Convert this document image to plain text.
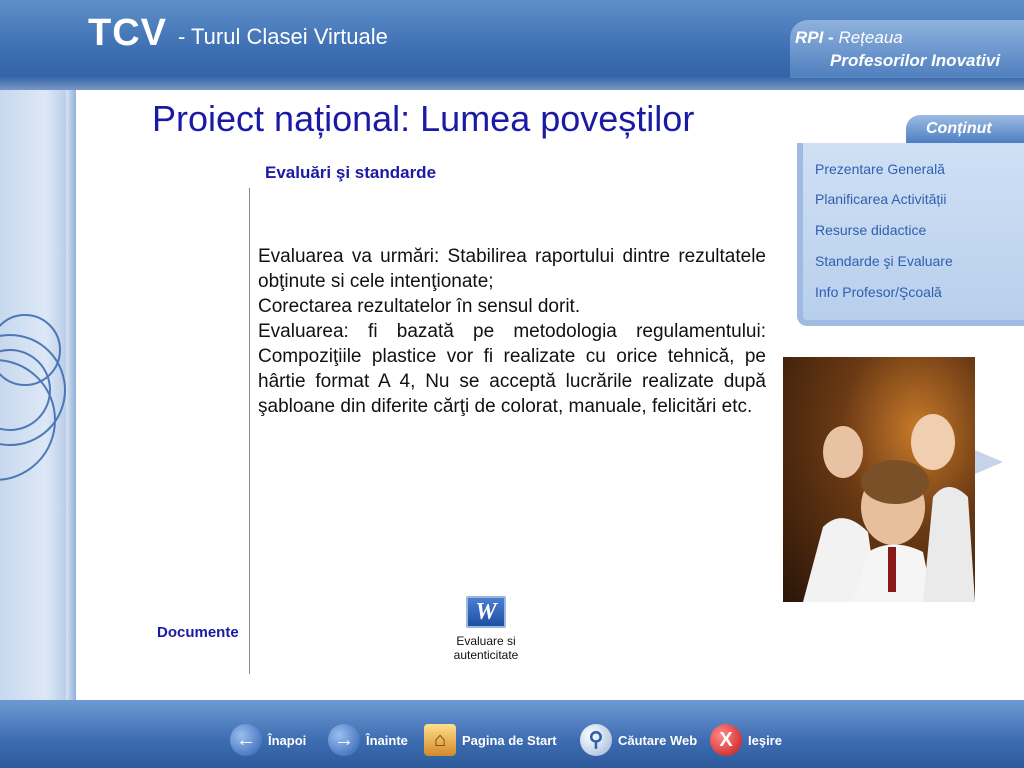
TCV - Turul Clasei Virtuale	RPI - Rețeaua
Profesorilor Inovativi
Proiect național: Lumea poveștilor
Evaluări şi standarde

Evaluarea va urmări: Stabilirea raportului dintre rezultatele obţinute si cele intenţionate;

Corectarea rezultatelor în sensul dorit.

Evaluarea: fi bazată pe metodologia regulamentului: Compoziţiile plastice vor fi realizate cu orice tehnică, pe hârtie format A 4, Nu se acceptă lucrările realizate după şabloane din diferite cărţi de colorat, manuale, felicitări etc.

Documente
W
Evaluare si autenticitate
Conținut
Prezentare Generală
Planificarea Activității
Resurse didactice
Standarde şi Evaluare
Info Profesor/Şcoală
← Înapoi	→ Înainte	⌂	Pagina de Start	⚲	Căutare Web	X	Ieşire
